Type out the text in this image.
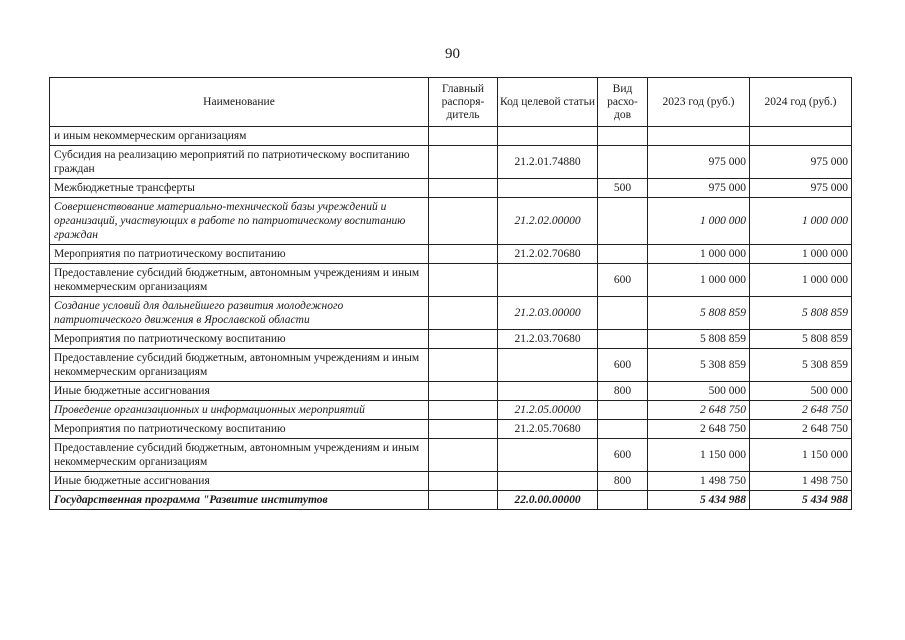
90
Наименование	Главный распоря-дитель	Код целевой статьи	Вид расхо-дов	2023 год (руб.)	2024 год (руб.)
и иным некоммерческим организациям					
Субсидия на реализацию мероприятий по патриотическому воспитанию граждан		21.2.01.74880		975 000	975 000
Межбюджетные трансферты			500	975 000	975 000
Совершенствование материально-технической базы учреждений и организаций, участвующих в работе по патриотическому воспитанию граждан		21.2.02.00000		1 000 000	1 000 000
Мероприятия по патриотическому воспитанию		21.2.02.70680		1 000 000	1 000 000
Предоставление субсидий бюджетным, автономным учреждениям и иным некоммерческим организациям			600	1 000 000	1 000 000
Создание условий для дальнейшего развития молодежного патриотического движения в Ярославской области		21.2.03.00000		5 808 859	5 808 859
Мероприятия по патриотическому воспитанию		21.2.03.70680		5 808 859	5 808 859
Предоставление субсидий бюджетным, автономным учреждениям и иным некоммерческим организациям			600	5 308 859	5 308 859
Иные бюджетные ассигнования			800	500 000	500 000
Проведение организационных и информационных мероприятий		21.2.05.00000		2 648 750	2 648 750
Мероприятия по патриотическому воспитанию		21.2.05.70680		2 648 750	2 648 750
Предоставление субсидий бюджетным, автономным учреждениям и иным некоммерческим организациям			600	1 150 000	1 150 000
Иные бюджетные ассигнования			800	1 498 750	1 498 750
Государственная программа "Развитие институтов		22.0.00.00000		5 434 988	5 434 988
